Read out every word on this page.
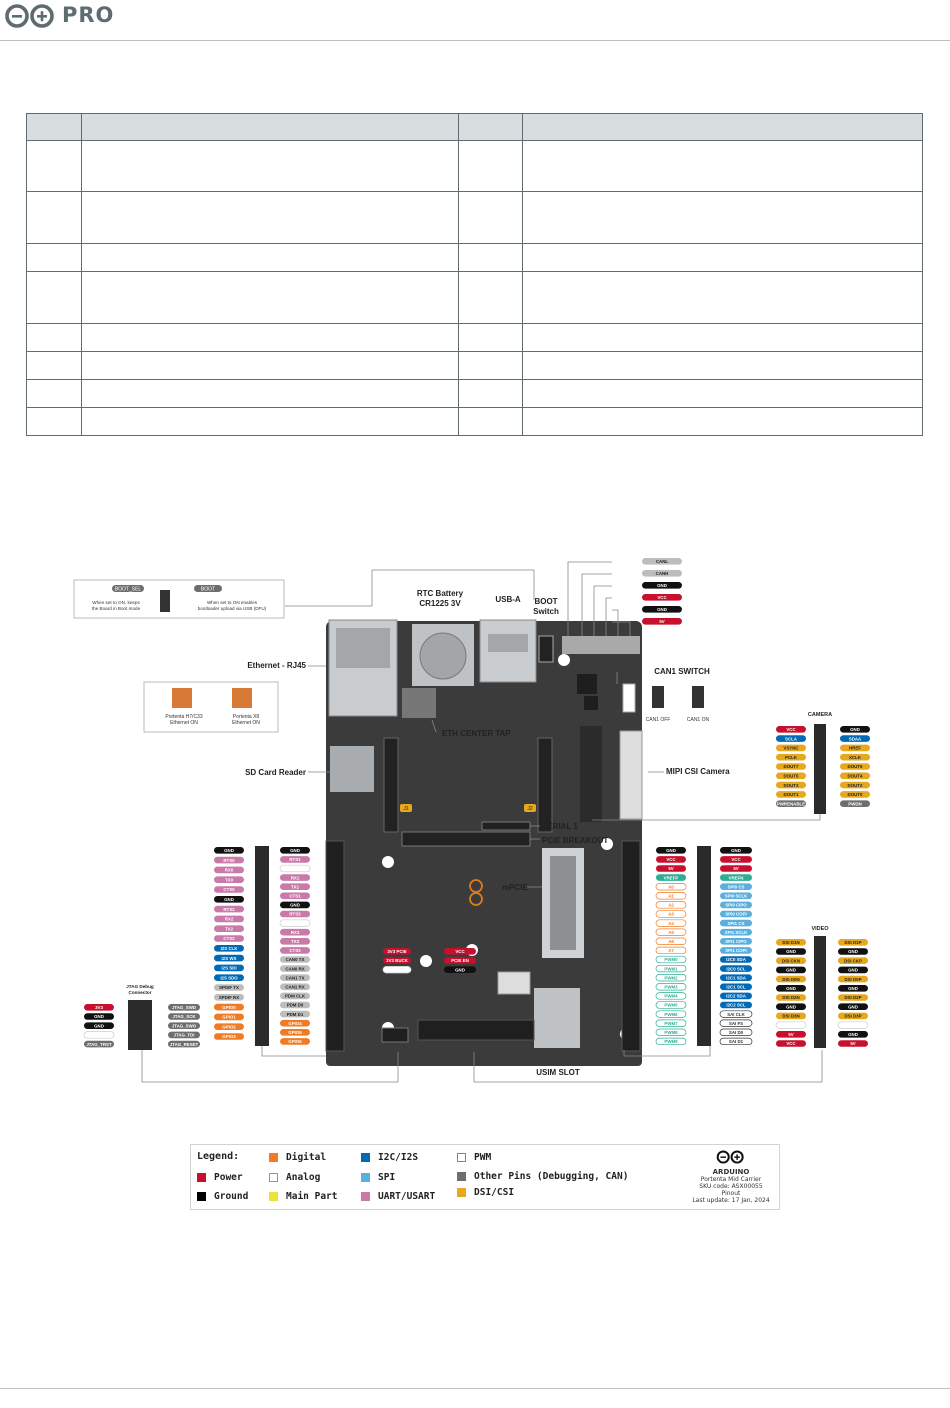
PRO

J1	J2
BOOT_SEL
When set to ON, keeps the Board in Boot mode
BOOT
When set to ON enables bootloader upload via USB (DFU)
Portenta H7/C33 Ethernet ON
Portenta X8 Ethernet ON	CAN1 OFF	CAN1 ON
RTC Battery CR1225 3V	USB-A BOOT Switch
Ethernet - RJ45
CAN1 SWITCH
ETH CENTER TAP
SD Card Reader	MIPI CSI Camera
SERIAL 1
PCIE BREAKOUT
mPCIE
USIM SLOT
CAMERA
VIDEO
JTAG Debug Connector
GND
RTS0
RX0
TX0
CTS0
GND
RTS2
RX2
TX2
CTS2
I2S CLK
I2S WS
I2S SDI
I2S SDO
SPDIF TX
SPDIF RX
GPIO0
GPIO1
GPIO2
GPIO3
GND
RTS1
RX1
TX1
CTS1
GND
RTS3
RX3
TX3
CTS3
CAN0 TX
CAN0 RX
CAN1 TX
CAN1 RX
PDM CLK
PDM D0
PDM D1
GPIO4
GPIO5
GPIO6
GND
VCC
5V
VREFP
A0
A1
A2
A3
A4
A5
A6
A7
PWM0
PWM1
PWM2
PWM3
PWM4
PWM5
PWM6
PWM7
PWM8
PWM9
GND
VCC
5V
VREFN
SPI0 CS
SPI0 SCLK
SPI0 CIPO
SPI0 COPI
SPI1 CS
SPI1 SCLK
SPI1 CIPO
SPI1 COPI
I2C0 SDA
I2C0 SCL
I2C1 SDA
I2C1 SCL
I2C2 SDA
I2C2 SCL
SAI CLK
SAI FS
SAI D0
SAI D1
VCC
SCLA
VSYNC
PCLK
DOUT7
DOUT5
DOUT3
DOUT1
PWRENABLE
GND
SDAA
HREF
XCLK
DOUT6
DOUT4
DOUT2
DOUT0
PWDN
DSI D1N
GND
DSI CKN
GND
DSI D0N
GND
DSI D2N
GND
DSI D3N
5V
VCC
DSI D1P
GND
DSI CKP
GND
DSI D0P
GND
DSI D2P
GND
DSI D3P
GND
5V
3V3
GND
GND
JTAG_TRST
JTAG_SWD
JTAG_SCK
JTAG_SWO
JTAG_TDI
JTAG_RESET
3V3 PCIE
3V3 BUCK
VCC
PCIE EN
GND
CANL
CANH
GND
VCC
GND
5V
Legend:
Power
Ground
Digital
Analog
Main Part
I2C/I2S
SPI
UART/USART
PWM
Other Pins (Debugging, CAN)
DSI/CSI
ARDUINO
Portenta Mid Carrier
SKU code: ASX00055
Pinout
Last update: 17 Jan, 2024
